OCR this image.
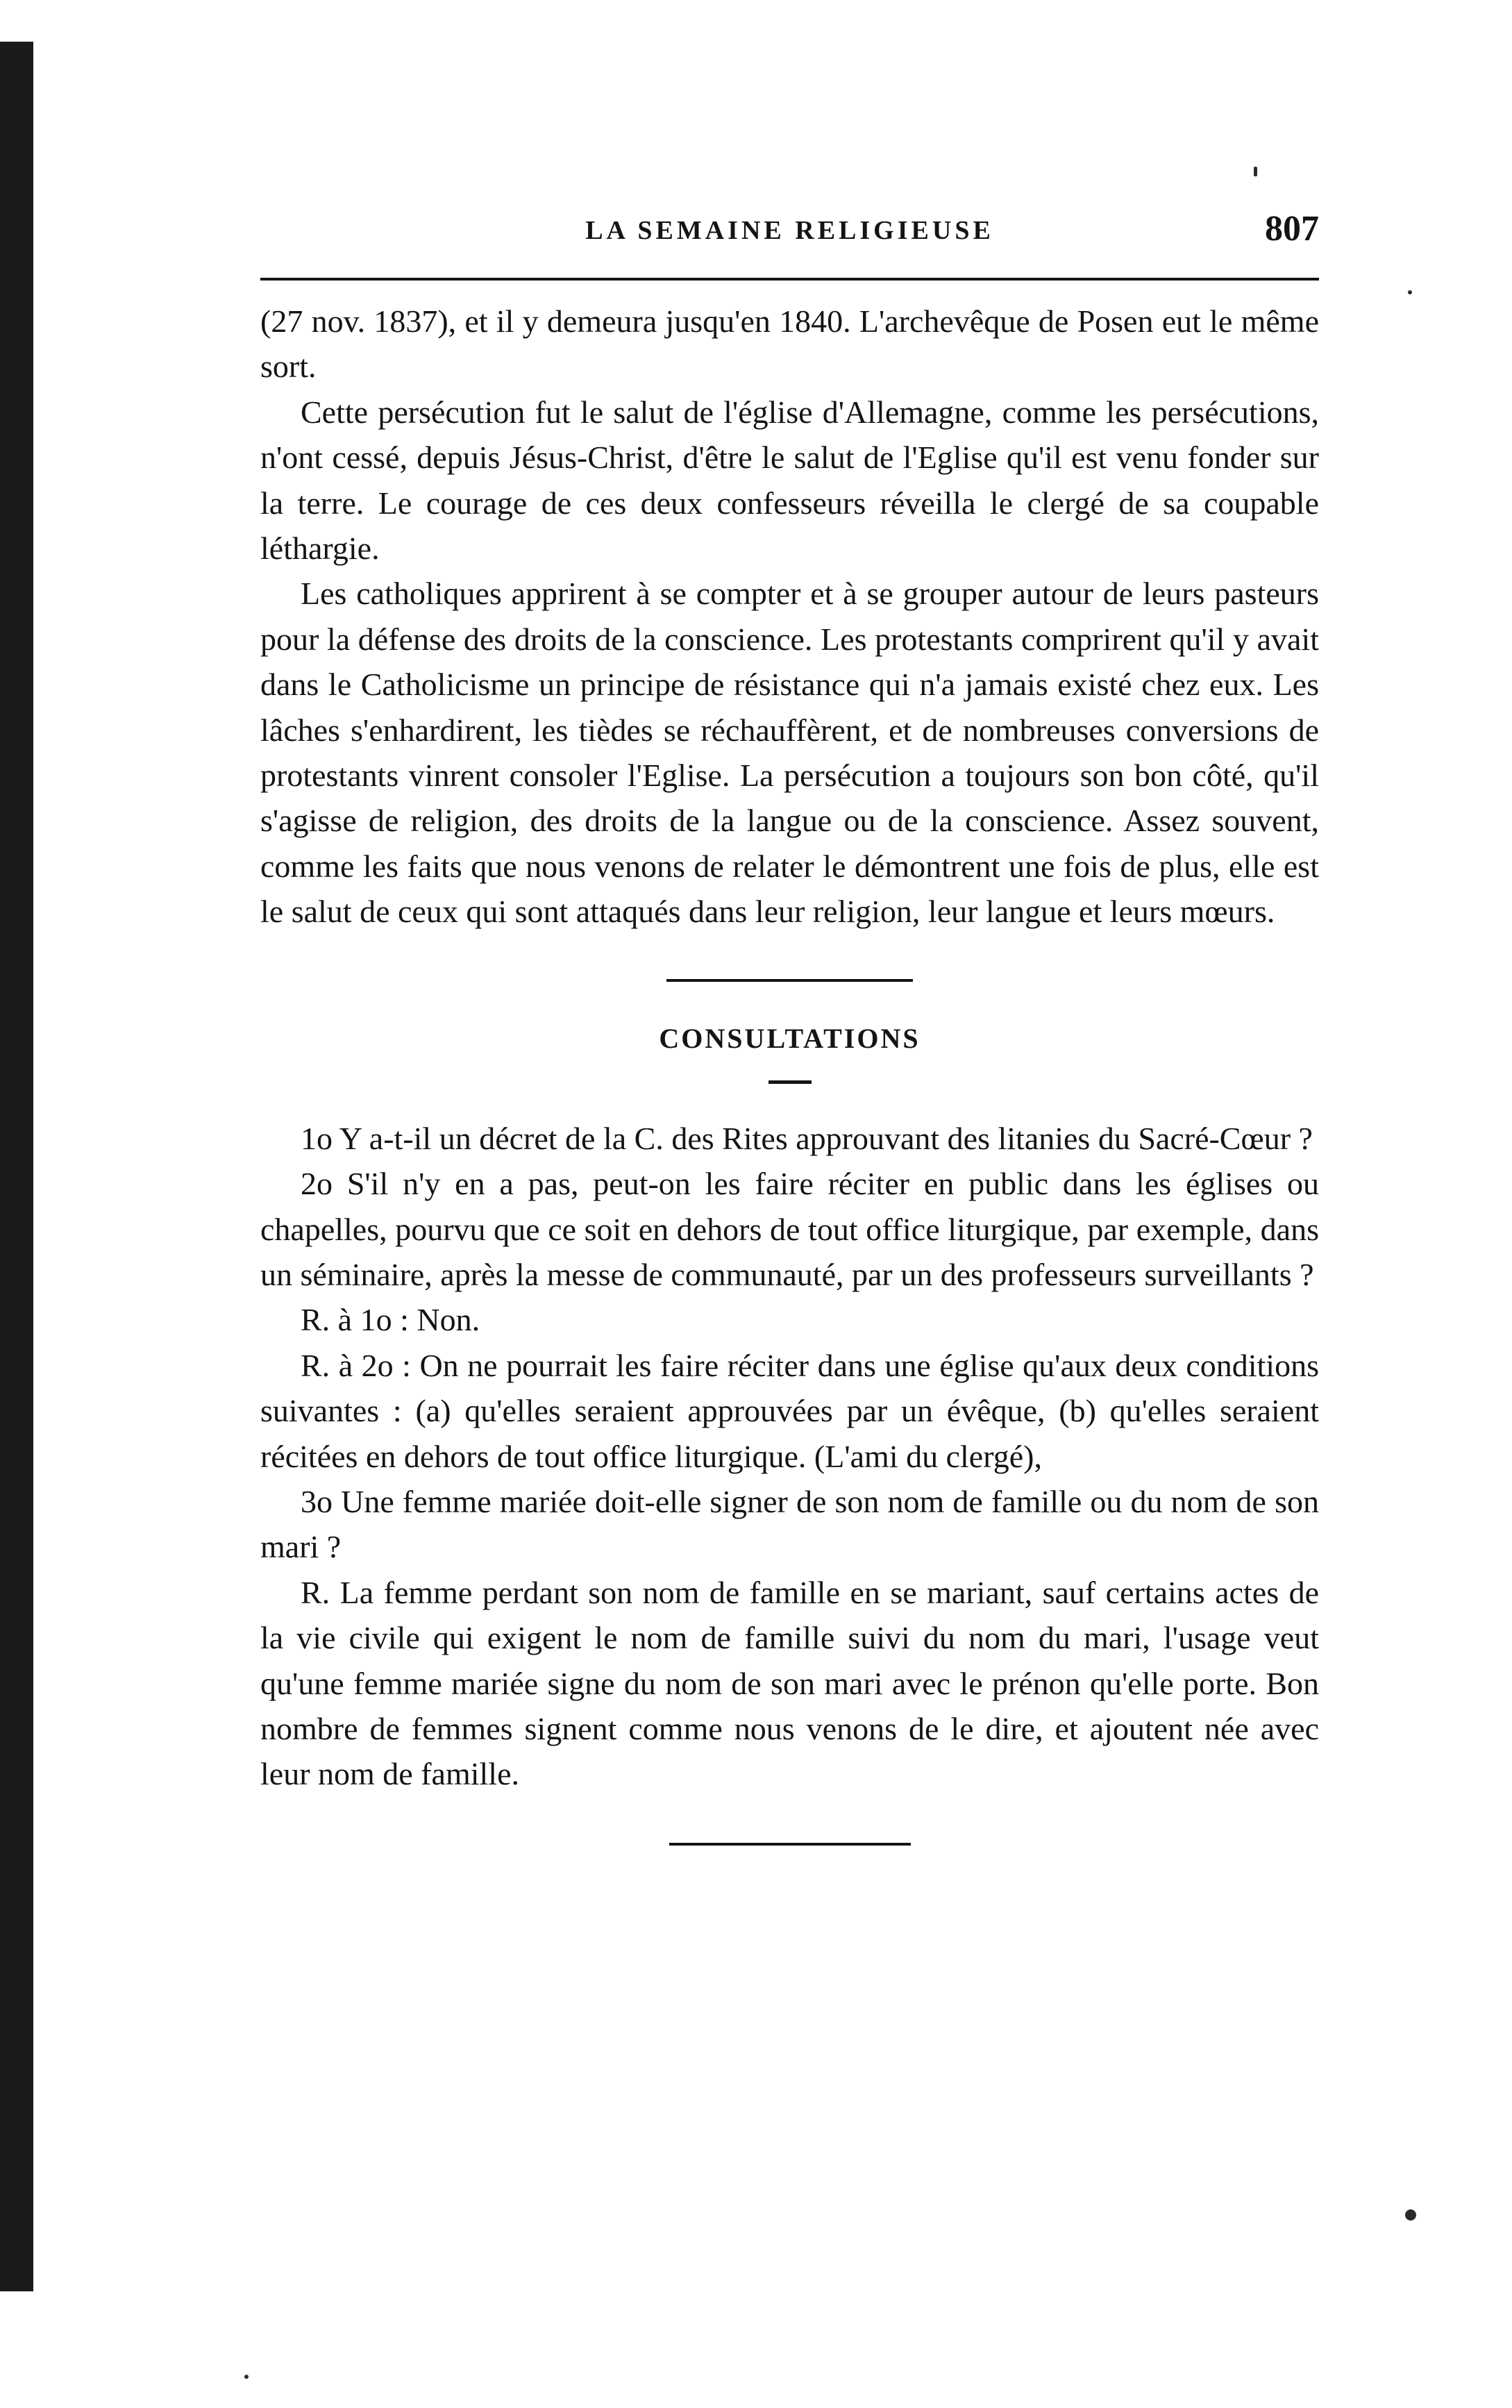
LA SEMAINE RELIGIEUSE	807

(27 nov. 1837), et il y demeura jusqu'en 1840. L'archevêque de Posen eut le même sort.

Cette persécution fut le salut de l'église d'Allemagne, comme les persécutions, n'ont cessé, depuis Jésus-Christ, d'être le salut de l'Eglise qu'il est venu fonder sur la terre. Le courage de ces deux confesseurs réveilla le clergé de sa coupable léthargie.

Les catholiques apprirent à se compter et à se grouper autour de leurs pasteurs pour la défense des droits de la conscience. Les protestants comprirent qu'il y avait dans le Catholicisme un principe de résistance qui n'a jamais existé chez eux. Les lâches s'enhardirent, les tièdes se réchauffèrent, et de nombreuses conversions de protestants vinrent consoler l'Eglise. La persécution a toujours son bon côté, qu'il s'agisse de religion, des droits de la langue ou de la conscience. Assez souvent, comme les faits que nous venons de relater le démontrent une fois de plus, elle est le salut de ceux qui sont attaqués dans leur religion, leur langue et leurs mœurs.

CONSULTATIONS

1o Y a-t-il un décret de la C. des Rites approuvant des litanies du Sacré-Cœur ?

2o S'il n'y en a pas, peut-on les faire réciter en public dans les églises ou chapelles, pourvu que ce soit en dehors de tout office liturgique, par exemple, dans un séminaire, après la messe de communauté, par un des professeurs surveillants ?

R. à 1o : Non.

R. à 2o : On ne pourrait les faire réciter dans une église qu'aux deux conditions suivantes : (a) qu'elles seraient approuvées par un évêque, (b) qu'elles seraient récitées en dehors de tout office liturgique. (L'ami du clergé),

3o Une femme mariée doit-elle signer de son nom de famille ou du nom de son mari ?

R. La femme perdant son nom de famille en se mariant, sauf certains actes de la vie civile qui exigent le nom de famille suivi du nom du mari, l'usage veut qu'une femme mariée signe du nom de son mari avec le prénon qu'elle porte. Bon nombre de femmes signent comme nous venons de le dire, et ajoutent née avec leur nom de famille.
